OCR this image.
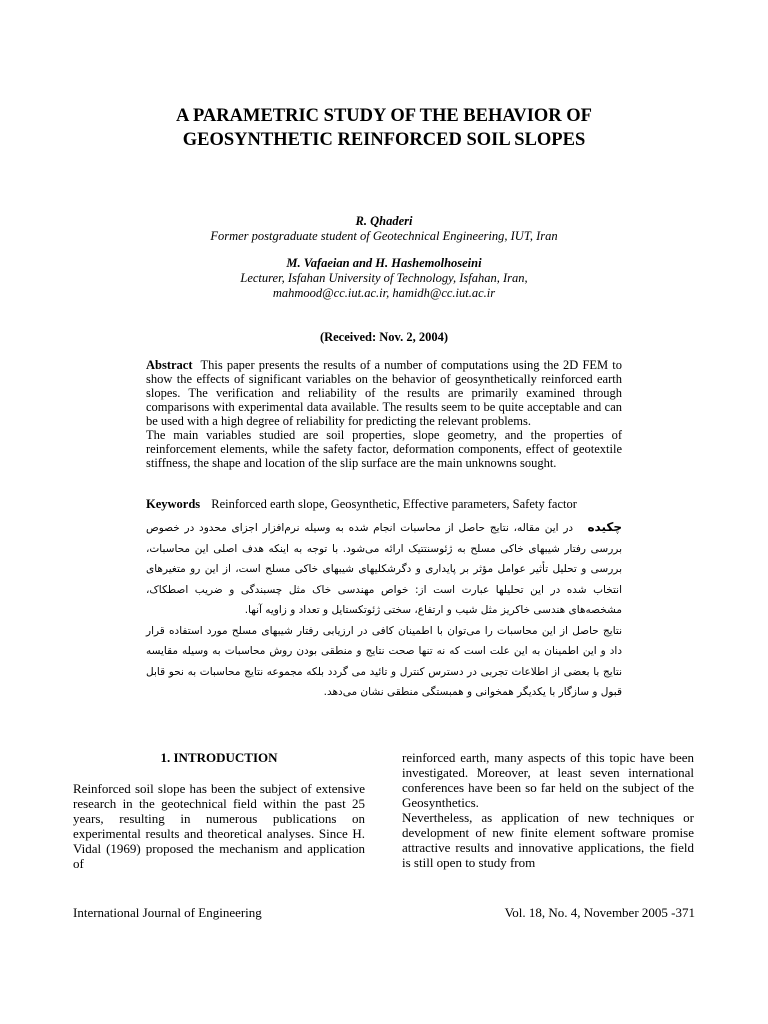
A PARAMETRIC STUDY OF THE BEHAVIOR OF
GEOSYNTHETIC REINFORCED SOIL SLOPES
R. Qhaderi
Former postgraduate student of Geotechnical Engineering, IUT, Iran
M. Vafaeian and H. Hashemolhoseini
Lecturer, Isfahan University of Technology, Isfahan, Iran,
mahmood@cc.iut.ac.ir, hamidh@cc.iut.ac.ir
(Received: Nov. 2, 2004)

Abstract This paper presents the results of a number of computations using the 2D FEM to show the effects of significant variables on the behavior of geosynthetically reinforced earth slopes. The verification and reliability of the results are primarily examined through comparisons with experimental data available. The results seem to be quite acceptable and can be used with a high degree of reliability for predicting the relevant problems.

The main variables studied are soil properties, slope geometry, and the properties of reinforcement elements, while the safety factor, deformation components, effect of geotextile stiffness, the shape and location of the slip surface are the main unknowns sought.

Keywords Reinforced earth slope, Geosynthetic, Effective parameters, Safety factor

چکیده   در این مقاله، نتایج حاصل از محاسبات انجام شده به وسیله نرم‌افزار اجزای محدود در خصوص بررسی رفتار شیبهای خاکی مسلح به ژئوسنتتیک ارائه می‌شود. با توجه به اینکه هدف اصلی این محاسبات، بررسی و تحلیل تأثیر عوامل مؤثر بر پایداری و دگرشکلیهای شیبهای خاکی مسلح است، از این رو متغیرهای انتخاب شده در این تحلیلها عبارت است از: خواص مهندسی خاک مثل چسبندگی و ضریب اصطکاک، مشخصه‌های هندسی خاکریز مثل شیب و ارتفاع، سختی ژئوتکستایل و تعداد و زاویه آنها.

نتایج حاصل از این محاسبات را می‌توان با اطمینان کافی در ارزیابی رفتار شیبهای مسلح مورد استفاده قرار داد و این اطمینان به این علت است که نه تنها صحت نتایج و منطقی بودن روش محاسبات به وسیله مقایسه نتایج با بعضی از اطلاعات تجربی در دسترس کنترل و تائید می گردد بلکه مجموعه نتایج محاسبات به نحو قابل قبول و سازگار با یکدیگر همخوانی و همبستگی منطقی نشان می‌دهد.

1. INTRODUCTION

Reinforced soil slope has been the subject of extensive research in the geotechnical field within the past 25 years, resulting in numerous publications on experimental results and theoretical analyses. Since H. Vidal (1969) proposed the mechanism and application of

reinforced earth, many aspects of this topic have been investigated. Moreover, at least seven international conferences have been so far held on the subject of the Geosynthetics.

Nevertheless, as application of new techniques or development of new finite element software promise attractive results and innovative applications, the field is still open to study from

International Journal of Engineering	Vol. 18, No. 4, November 2005 -371
